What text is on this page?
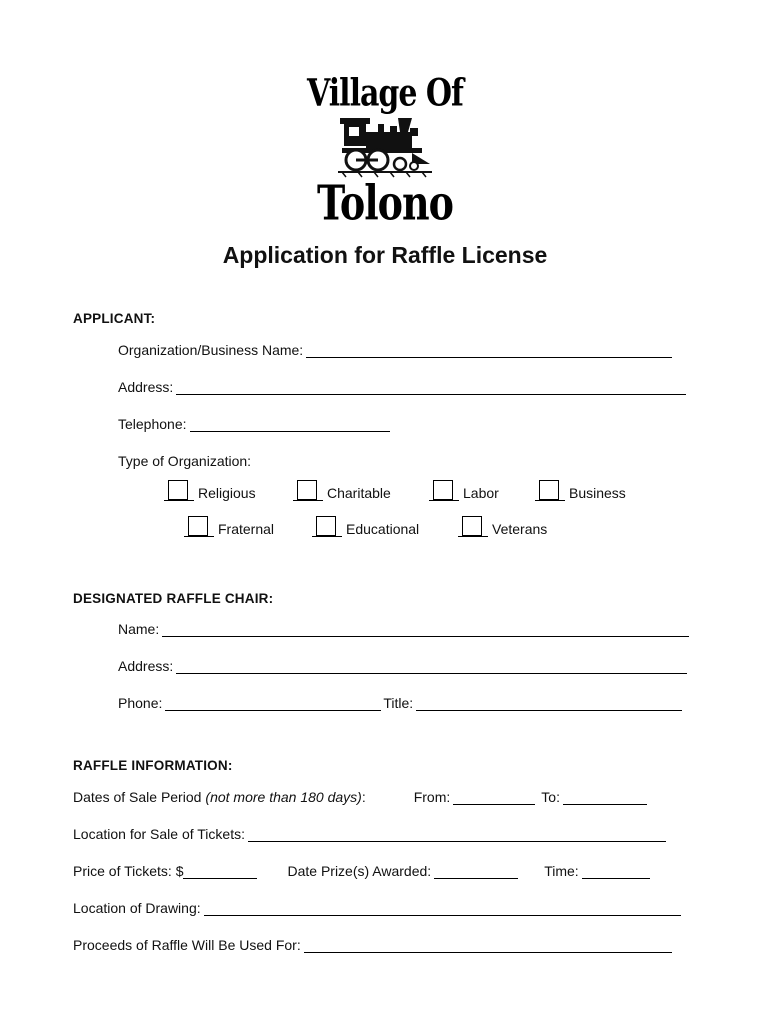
Village Of
Tolono
Application for Raffle License
APPLICANT:
Organization/Business Name:
Address:
Telephone:
Type of Organization:
Religious	Charitable	Labor	Business
Fraternal	Educational	Veterans
DESIGNATED RAFFLE CHAIR:
Name:
Address:
Phone:	Title:
RAFFLE INFORMATION:
Dates of Sale Period (not more than 180 days) :	From:	To:
Location for Sale of Tickets:
Price of Tickets: $	Date Prize(s) Awarded:	Time:
Location of Drawing:
Proceeds of Raffle Will Be Used For:
